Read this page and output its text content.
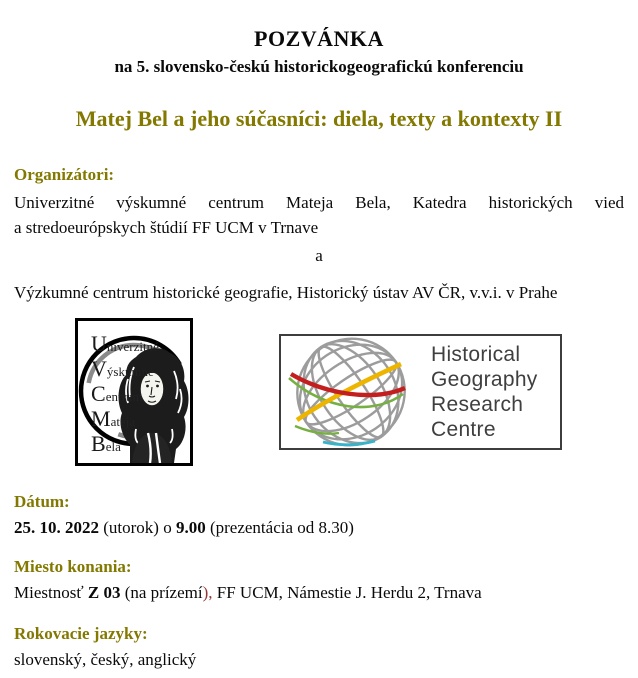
POZVÁNKA
na 5. slovensko-českú historickogeografickú konferenciu
Matej Bel a jeho súčasníci: diela, texty a kontexty II
Organizátori:
Univerzitné výskumné centrum Mateja Bela, Katedra historických vied
a stredoeurópskych štúdií FF UCM v Trnave
a
Výzkumné centrum historické geografie, Historický ústav AV ČR, v.v.i. v Prahe
Univerzitné
Výskumné
Centrum
Mateja
Bela
Historical
Geography
Research
Centre
Dátum:
25. 10. 2022 (utorok) o 9.00 (prezentácia od 8.30)
Miesto konania:
Miestnosť Z 03 (na prízemí), FF UCM, Námestie J. Herdu 2, Trnava
Rokovacie jazyky:
slovenský, český, anglický
